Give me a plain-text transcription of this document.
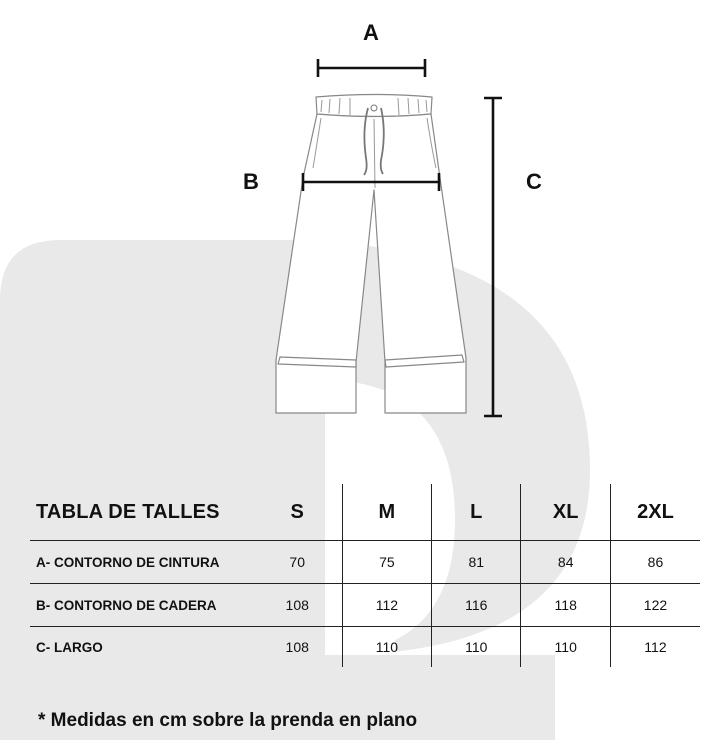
A
B	C
TABLA DE TALLES	S	M	L	XL	2XL
A- CONTORNO DE CINTURA	70	75	81	84	86
B- CONTORNO DE CADERA	108	112	116	118	122
C- LARGO	108	110	110	110	112
* Medidas en cm sobre la prenda en plano
